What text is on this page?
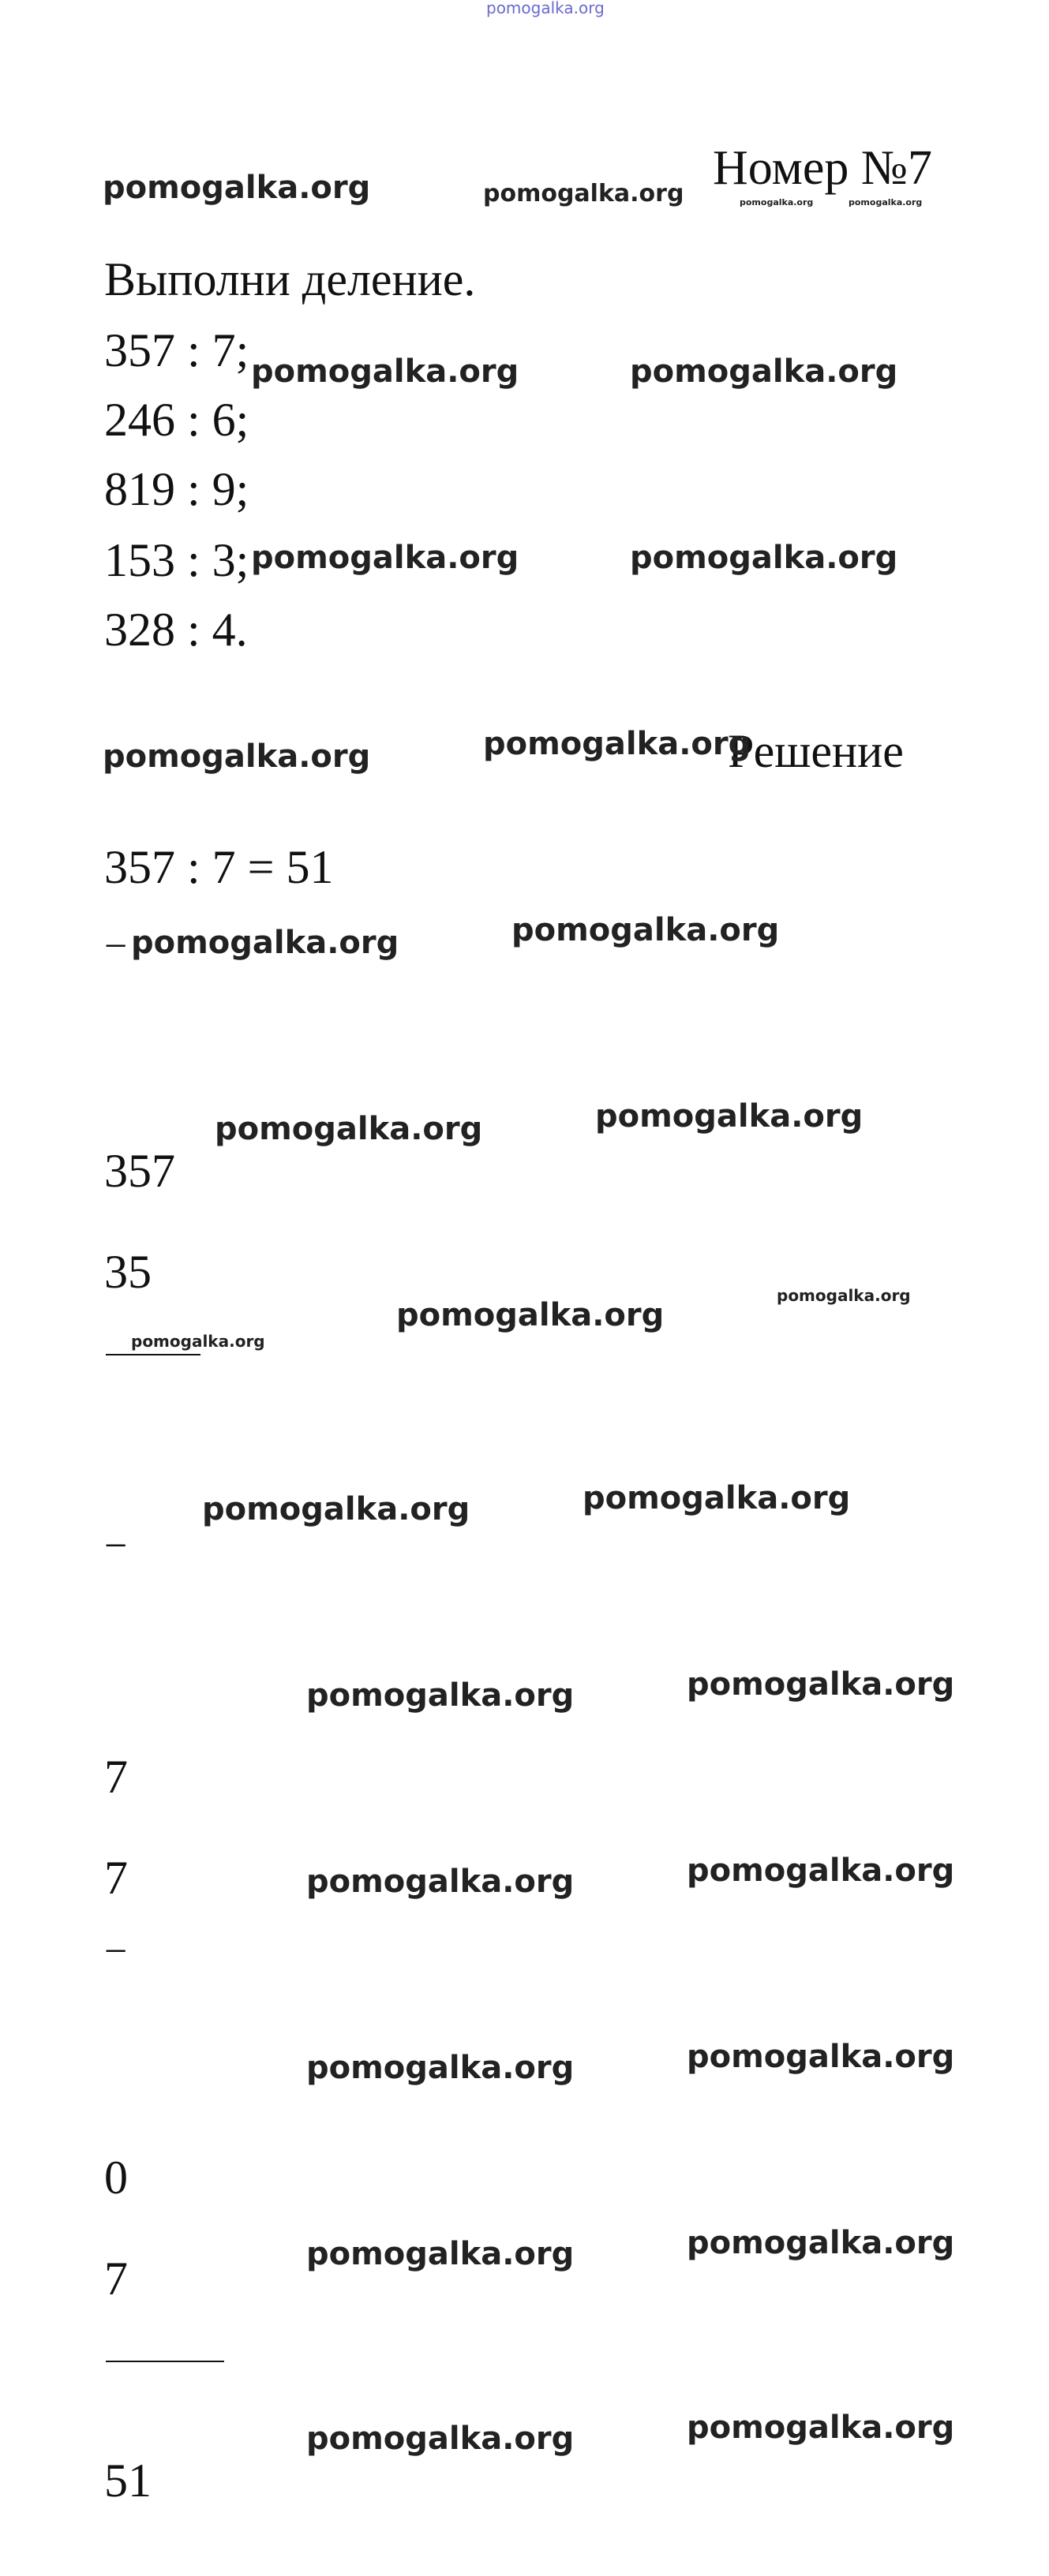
pomogalka.org
Номер №7
Выполни деление.
357 : 7;
246 : 6;
819 : 9;
153 : 3;
328 : 4.
Решение
357 : 7 = 51
−
357
35
−
7
7
−
0
7
51
pomogalka.org	pomogalka.org	pomogalka.org	pomogalka.org
pomogalka.org	pomogalka.org
pomogalka.org	pomogalka.org
pomogalka.org	pomogalka.org
pomogalka.org	pomogalka.org
pomogalka.org	pomogalka.org
pomogalka.org
pomogalka.org
pomogalka.org
pomogalka.org	pomogalka.org
pomogalka.org	pomogalka.org
pomogalka.org	pomogalka.org
pomogalka.org	pomogalka.org
pomogalka.org	pomogalka.org
pomogalka.org	pomogalka.org
